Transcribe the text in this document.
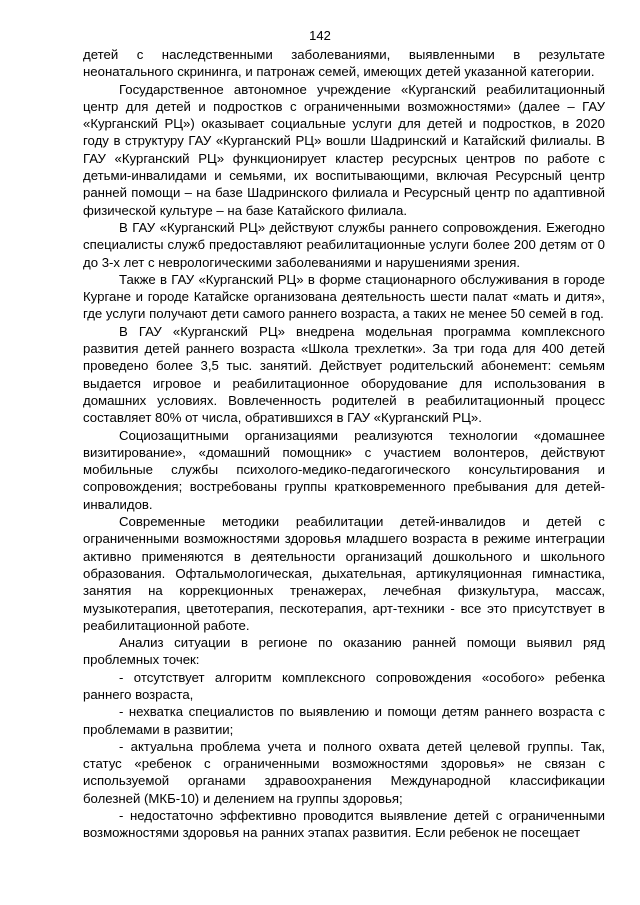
142

детей с наследственными заболеваниями, выявленными в результате неонатального скрининга, и патронаж семей, имеющих детей указанной категории.

Государственное автономное учреждение «Курганский реабилитационный центр для детей и подростков с ограниченными возможностями» (далее – ГАУ «Курганский РЦ») оказывает социальные услуги для детей и подростков, в 2020 году в структуру ГАУ «Курганский РЦ» вошли Шадринский и Катайский филиалы. В ГАУ «Курганский РЦ» функционирует кластер ресурсных центров по работе с детьми-инвалидами и семьями, их воспитывающими, включая Ресурсный центр ранней помощи – на базе Шадринского филиала и Ресурсный центр по адаптивной физической культуре – на базе Катайского филиала.

В ГАУ «Курганский РЦ» действуют службы раннего сопровождения. Ежегодно специалисты служб предоставляют реабилитационные услуги более 200 детям от 0 до 3-х лет с неврологическими заболеваниями и нарушениями зрения.

Также в ГАУ «Курганский РЦ» в форме стационарного обслуживания в городе Кургане и городе Катайске организована деятельность шести палат «мать и дитя», где услуги получают дети самого раннего возраста, а таких не менее 50 семей в год.

В ГАУ «Курганский РЦ» внедрена модельная программа комплексного развития детей раннего возраста «Школа трехлетки». За три года для 400 детей проведено более 3,5 тыс. занятий. Действует родительский абонемент: семьям выдается игровое и реабилитационное оборудование для использования в домашних условиях. Вовлеченность родителей в реабилитационный процесс составляет 80% от числа, обратившихся в ГАУ «Курганский РЦ».

Социозащитными организациями реализуются технологии «домашнее визитирование», «домашний помощник» с участием волонтеров, действуют мобильные службы психолого-медико-педагогического консультирования и сопровождения; востребованы группы кратковременного пребывания для детей-инвалидов.

Современные методики реабилитации детей-инвалидов и детей с ограниченными возможностями здоровья младшего возраста в режиме интеграции активно применяются в деятельности организаций дошкольного и школьного образования. Офтальмологическая, дыхательная, артикуляционная гимнастика, занятия на коррекционных тренажерах, лечебная физкультура, массаж, музыкотерапия, цветотерапия, пескотерапия, арт-техники - все это присутствует в реабилитационной работе.

Анализ ситуации в регионе по оказанию ранней помощи выявил ряд проблемных точек:

- отсутствует алгоритм комплексного сопровождения «особого» ребенка раннего возраста,

- нехватка специалистов по выявлению и помощи детям раннего возраста с проблемами в развитии;

- актуальна проблема учета и полного охвата детей целевой группы. Так, статус «ребенок с ограниченными возможностями здоровья» не связан с используемой органами здравоохранения Международной классификации болезней (МКБ-10) и делением на группы здоровья;

- недостаточно эффективно проводится выявление детей с ограниченными возможностями здоровья на ранних этапах развития. Если ребенок не посещает
